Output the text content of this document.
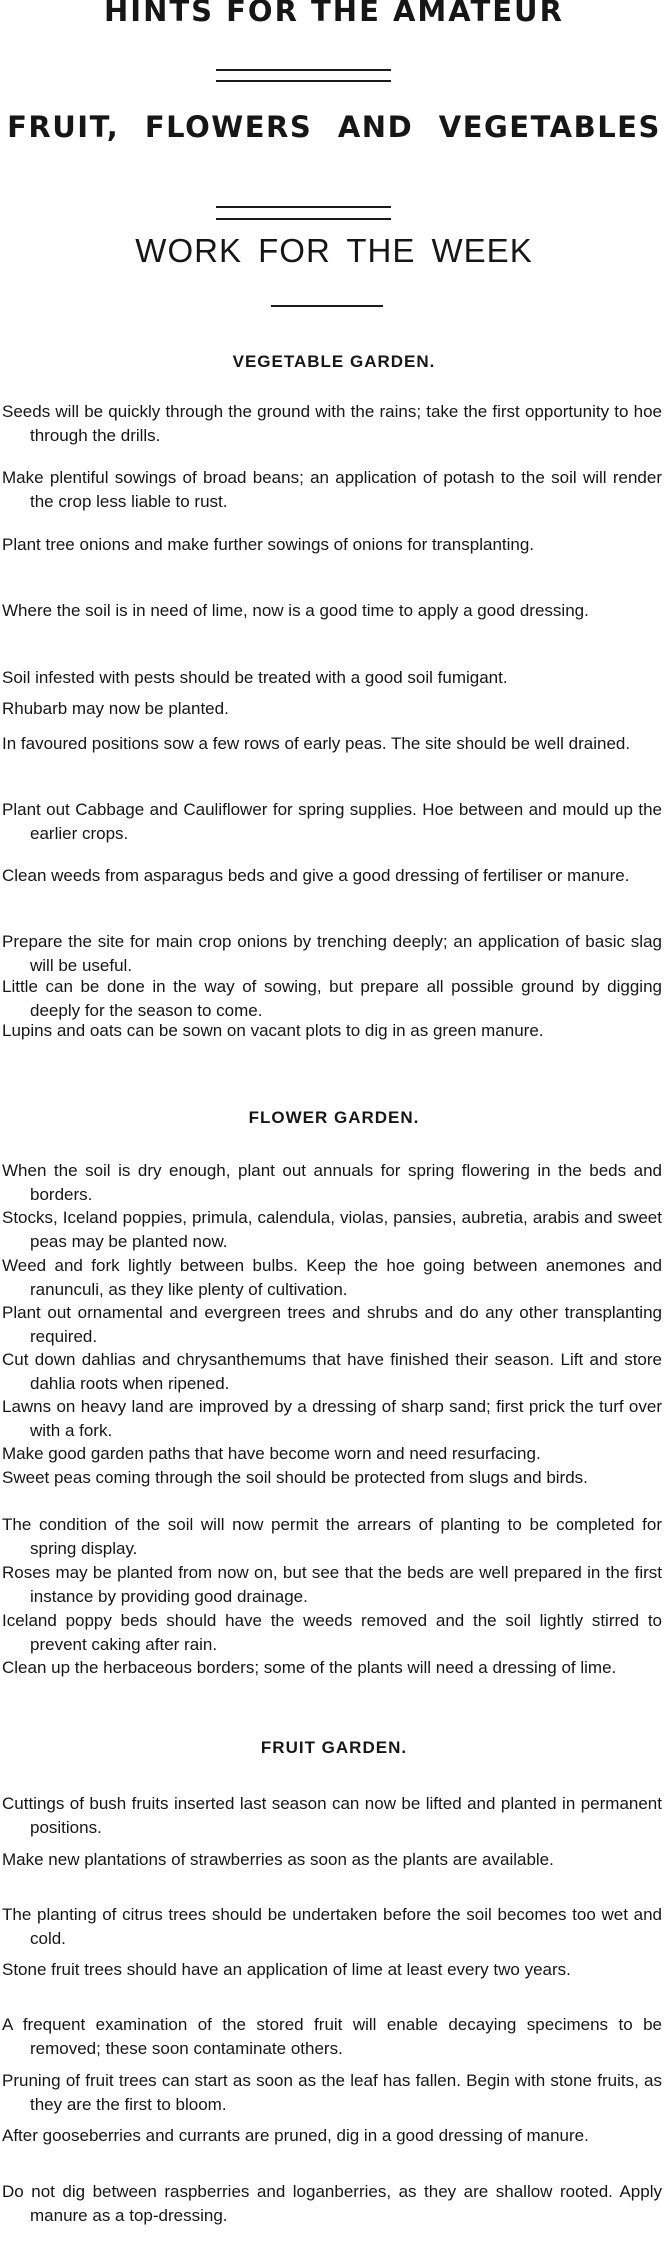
HINTS FOR THE AMATEUR
FRUIT, FLOWERS AND VEGETABLES
WORK FOR THE WEEK
VEGETABLE GARDEN.

Seeds will be quickly through the ground with the rains; take the first opportunity to hoe through the drills.

Make plentiful sowings of broad beans; an application of potash to the soil will render the crop less liable to rust.

Plant tree onions and make further sowings of onions for transplanting.

Where the soil is in need of lime, now is a good time to apply a good dressing.

Soil infested with pests should be treated with a good soil fumigant.

Rhubarb may now be planted.

In favoured positions sow a few rows of early peas. The site should be well drained.

Plant out Cabbage and Cauliflower for spring supplies. Hoe between and mould up the earlier crops.

Clean weeds from asparagus beds and give a good dressing of fertiliser or manure.

Prepare the site for main crop onions by trenching deeply; an application of basic slag will be useful.

Little can be done in the way of sowing, but prepare all possible ground by digging deeply for the season to come.

Lupins and oats can be sown on vacant plots to dig in as green manure.

FLOWER GARDEN.

When the soil is dry enough, plant out annuals for spring flowering in the beds and borders.

Stocks, Iceland poppies, primula, calendula, violas, pansies, aubretia, arabis and sweet peas may be planted now.

Weed and fork lightly between bulbs. Keep the hoe going between anemones and ranunculi, as they like plenty of cultivation.

Plant out ornamental and evergreen trees and shrubs and do any other transplanting required.

Cut down dahlias and chrysanthemums that have finished their season. Lift and store dahlia roots when ripened.

Lawns on heavy land are improved by a dressing of sharp sand; first prick the turf over with a fork.

Make good garden paths that have become worn and need resurfacing.

Sweet peas coming through the soil should be protected from slugs and birds.

The condition of the soil will now permit the arrears of planting to be completed for spring display.

Roses may be planted from now on, but see that the beds are well prepared in the first instance by providing good drainage.

Iceland poppy beds should have the weeds removed and the soil lightly stirred to prevent caking after rain.

Clean up the herbaceous borders; some of the plants will need a dressing of lime.

FRUIT GARDEN.

Cuttings of bush fruits inserted last season can now be lifted and planted in permanent positions.

Make new plantations of strawberries as soon as the plants are available.

The planting of citrus trees should be undertaken before the soil becomes too wet and cold.

Stone fruit trees should have an application of lime at least every two years.

A frequent examination of the stored fruit will enable decaying specimens to be removed; these soon contaminate others.

Pruning of fruit trees can start as soon as the leaf has fallen. Begin with stone fruits, as they are the first to bloom.

After gooseberries and currants are pruned, dig in a good dressing of manure.

Do not dig between raspberries and loganberries, as they are shallow rooted. Apply manure as a top-dressing.
